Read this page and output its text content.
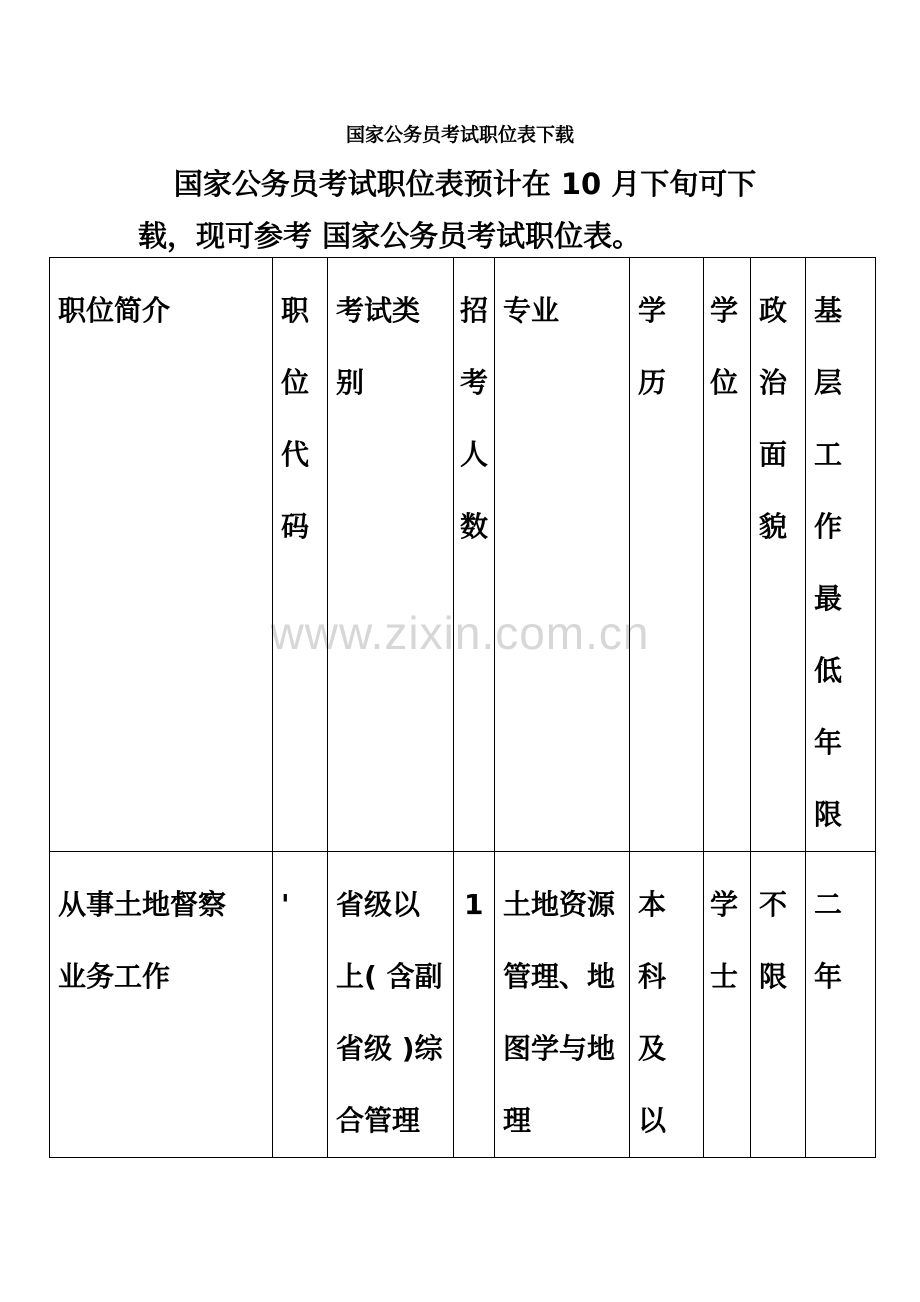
国家公务员考试职位表下载
国家公务员考试职位表预计在 10 月下旬可下
载，现可参考 国家公务员考试职位表。
www.zixin.com.cn
职位简介	职位代码	考试类别	招考人数	专业	学历	学位	政治面貌	基层工作最低年限

从事土地督察业务工作	'	省级以上( 含副省级 )综合管理	1	土地资源管理、地图学与地理	本科及以	学士	不限	二年
